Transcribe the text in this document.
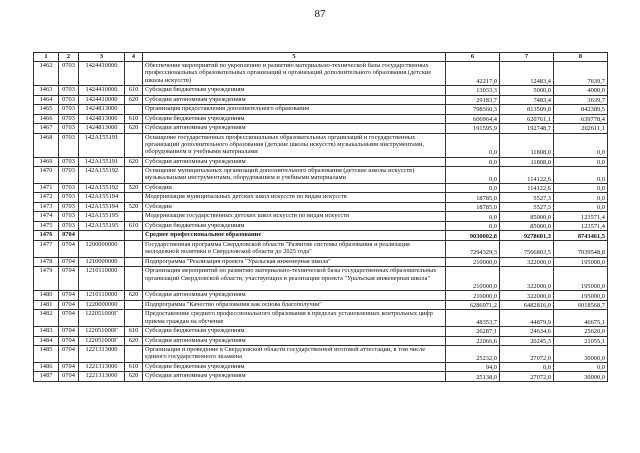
87
1	2	3	4	5	6	7	8
1462	0703	1424410000		Обеспечение мероприятий по укреплению и развитию материально-технической базы государственных профессиональных образовательных организаций и организаций дополнительного образования (детские школы искусств)	42217,0	12483,4	7639,7
1463	0703	1424410000	610	Субсидии бюджетным учреждениям	13033,3	5000,0	4000,0
1464	0703	1424410000	620	Субсидии автономным учреждениям	29183,7	7483,4	3639,7
1465	0703	1424813000		Организация предоставления дополнительного образования	798560,3	813509,8	842389,5
1466	0703	1424813000	610	Субсидии бюджетным учреждениям	606964,4	620761,1	639778,4
1467	0703	1424813000	620	Субсидии автономным учреждениям	191595,9	192748,7	202611,1
1468	0703	142A155191		Оснащение государственных профессиональных образовательных организаций и государственных организаций дополнительного образования (детские школы искусств) музыкальными инструментами, оборудованием и учебными материалами	0,0	11808,0	0,0
1469	0703	142A155191	620	Субсидии автономным учреждениям	0,0	11808,0	0,0
1470	0703	142A155192		Оснащение муниципальных организаций дополнительного образования (детские школы искусств) музыкальными инструментами, оборудованием и учебными материалами	0,0	114122,6	0,0
1471	0703	142A155192	520	Субсидии	0,0	114122,6	0,0
1472	0703	142A155194		Модернизация муниципальных детских школ искусств по видам искусств	18785,0	5527,3	0,0
1473	0703	142A155194	520	Субсидии	18785,0	5527,3	0,0
1474	0703	142A155195		Модернизация государственных детских школ искусств по видам искусств	0,0	85000,0	123571,4
1475	0703	142A155195	610	Субсидии бюджетным учреждениям	0,0	85000,0	123571,4
1476	0704			Среднее профессиональное образование	9030002,8	9278601,3	8743461,5
1477	0704	1200000000		Государственная программа Свердловской области "Развитие системы образования и реализация молодежной политики в Свердловской области до 2025 года"	7294329,3	7566803,5	7039548,8
1478	0704	1210000000		Подпрограмма "Реализация проекта "Уральская инженерная школа"	210000,0	322000,0	195000,0
1479	0704	1210110000		Организация мероприятий по развитию материально-технической базы государственных образовательных организаций Свердловской области, участвующих в реализации проекта "Уральская инженерная школа"	210000,0	322000,0	195000,0
1480	0704	1210110000	620	Субсидии автономным учреждениям	210000,0	322000,0	195000,0
1481	0704	1220000000		Подпрограмма "Качество образования как основа благополучия"	6286971,2	6482816,0	6018568,7
1482	0704	122051000Г		Предоставление среднего профессионального образования в пределах установленных контрольных цифр приема граждан на обучение	48353,7	44879,9	46675,1
1483	0704	122051000Г	610	Субсидии бюджетным учреждениям	26287,1	24634,6	25620,0
1484	0704	122051000Г	620	Субсидии автономным учреждениям	22066,6	20245,3	21055,1
1485	0704	1221313000		Организация и проведение в Свердловской области государственной итоговой аттестации, в том числе единого государственного экзамена	25232,0	27072,0	30000,0
1486	0704	1221313000	610	Субсидии бюджетным учреждениям	94,0	0,0	0,0
1487	0704	1221313000	620	Субсидии автономным учреждениям	25138,0	27072,0	30000,0
